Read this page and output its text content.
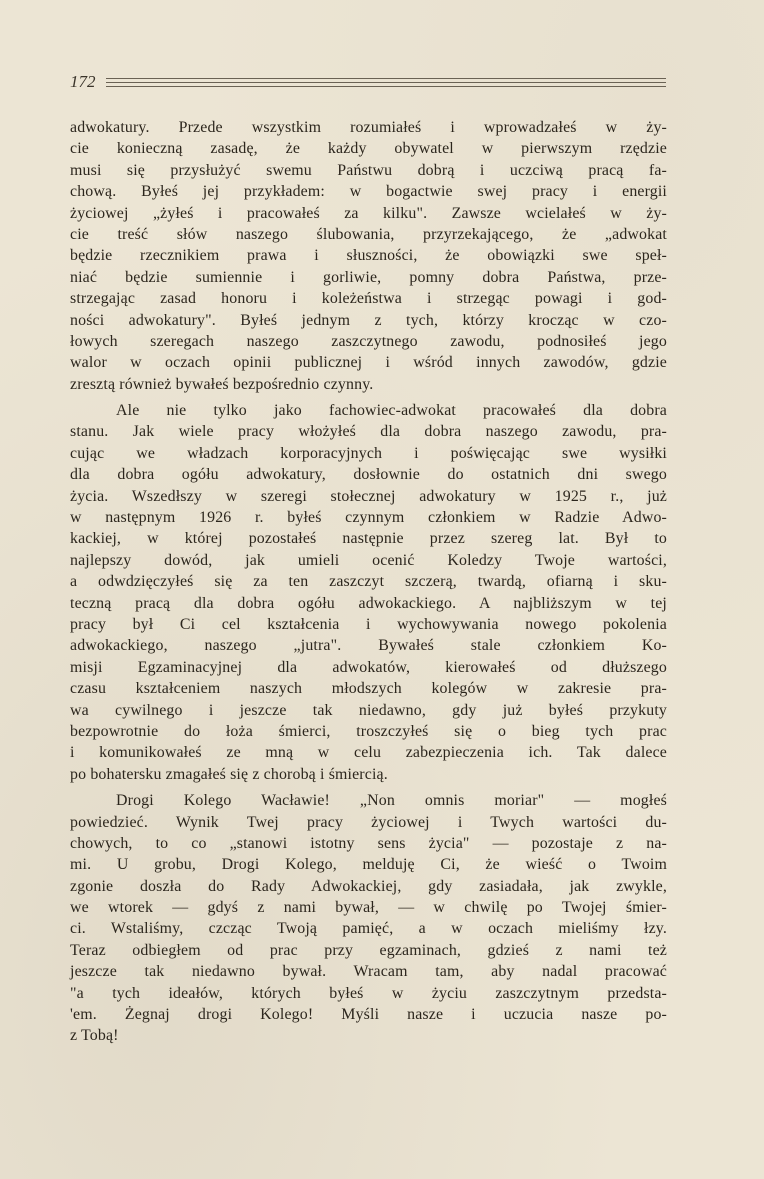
172
adwokatury. Przede wszystkim rozumiałeś i wprowadzałeś w ży-
cie konieczną zasadę, że każdy obywatel w pierwszym rzędzie
musi się przysłużyć swemu Państwu dobrą i uczciwą pracą fa-
chową. Byłeś jej przykładem: w bogactwie swej pracy i energii
życiowej „żyłeś i pracowałeś za kilku". Zawsze wcielałeś w ży-
cie treść słów naszego ślubowania, przyrzekającego, że „adwokat
będzie rzecznikiem prawa i słuszności, że obowiązki swe speł-
niać będzie sumiennie i gorliwie, pomny dobra Państwa, prze-
strzegając zasad honoru i koleżeństwa i strzegąc powagi i god-
ności adwokatury". Byłeś jednym z tych, którzy krocząc w czo-
łowych szeregach naszego zaszczytnego zawodu, podnosiłeś jego
walor w oczach opinii publicznej i wśród innych zawodów, gdzie
zresztą również bywałeś bezpośrednio czynny.
Ale nie tylko jako fachowiec-adwokat pracowałeś dla dobra
stanu. Jak wiele pracy włożyłeś dla dobra naszego zawodu, pra-
cując we władzach korporacyjnych i poświęcając swe wysiłki
dla dobra ogółu adwokatury, dosłownie do ostatnich dni swego
życia. Wszedłszy w szeregi stołecznej adwokatury w 1925 r., już
w następnym 1926 r. byłeś czynnym członkiem w Radzie Adwo-
kackiej, w której pozostałeś następnie przez szereg lat. Był to
najlepszy dowód, jak umieli ocenić Koledzy Twoje wartości,
a odwdzięczyłeś się za ten zaszczyt szczerą, twardą, ofiarną i sku-
teczną pracą dla dobra ogółu adwokackiego. A najbliższym w tej
pracy był Ci cel kształcenia i wychowywania nowego pokolenia
adwokackiego, naszego „jutra". Bywałeś stale członkiem Ko-
misji Egzaminacyjnej dla adwokatów, kierowałeś od dłuższego
czasu kształceniem naszych młodszych kolegów w zakresie pra-
wa cywilnego i jeszcze tak niedawno, gdy już byłeś przykuty
bezpowrotnie do łoża śmierci, troszczyłeś się o bieg tych prac
i komunikowałeś ze mną w celu zabezpieczenia ich. Tak dalece
po bohatersku zmagałeś się z chorobą i śmiercią.
Drogi Kolego Wacławie! „Non omnis moriar" — mogłeś
powiedzieć. Wynik Twej pracy życiowej i Twych wartości du-
chowych, to co „stanowi istotny sens życia" — pozostaje z na-
mi. U grobu, Drogi Kolego, melduję Ci, że wieść o Twoim
zgonie doszła do Rady Adwokackiej, gdy zasiadała, jak zwykle,
we wtorek — gdyś z nami bywał, — w chwilę po Twojej śmier-
ci. Wstaliśmy, czcząc Twoją pamięć, a w oczach mieliśmy łzy.
Teraz odbiegłem od prac przy egzaminach, gdzieś z nami też
jeszcze tak niedawno bywał. Wracam tam, aby nadal pracować
"a tych ideałów, których byłeś w życiu zaszczytnym przedsta-
'em. Żegnaj drogi Kolego! Myśli nasze i uczucia nasze po-
z Tobą!
